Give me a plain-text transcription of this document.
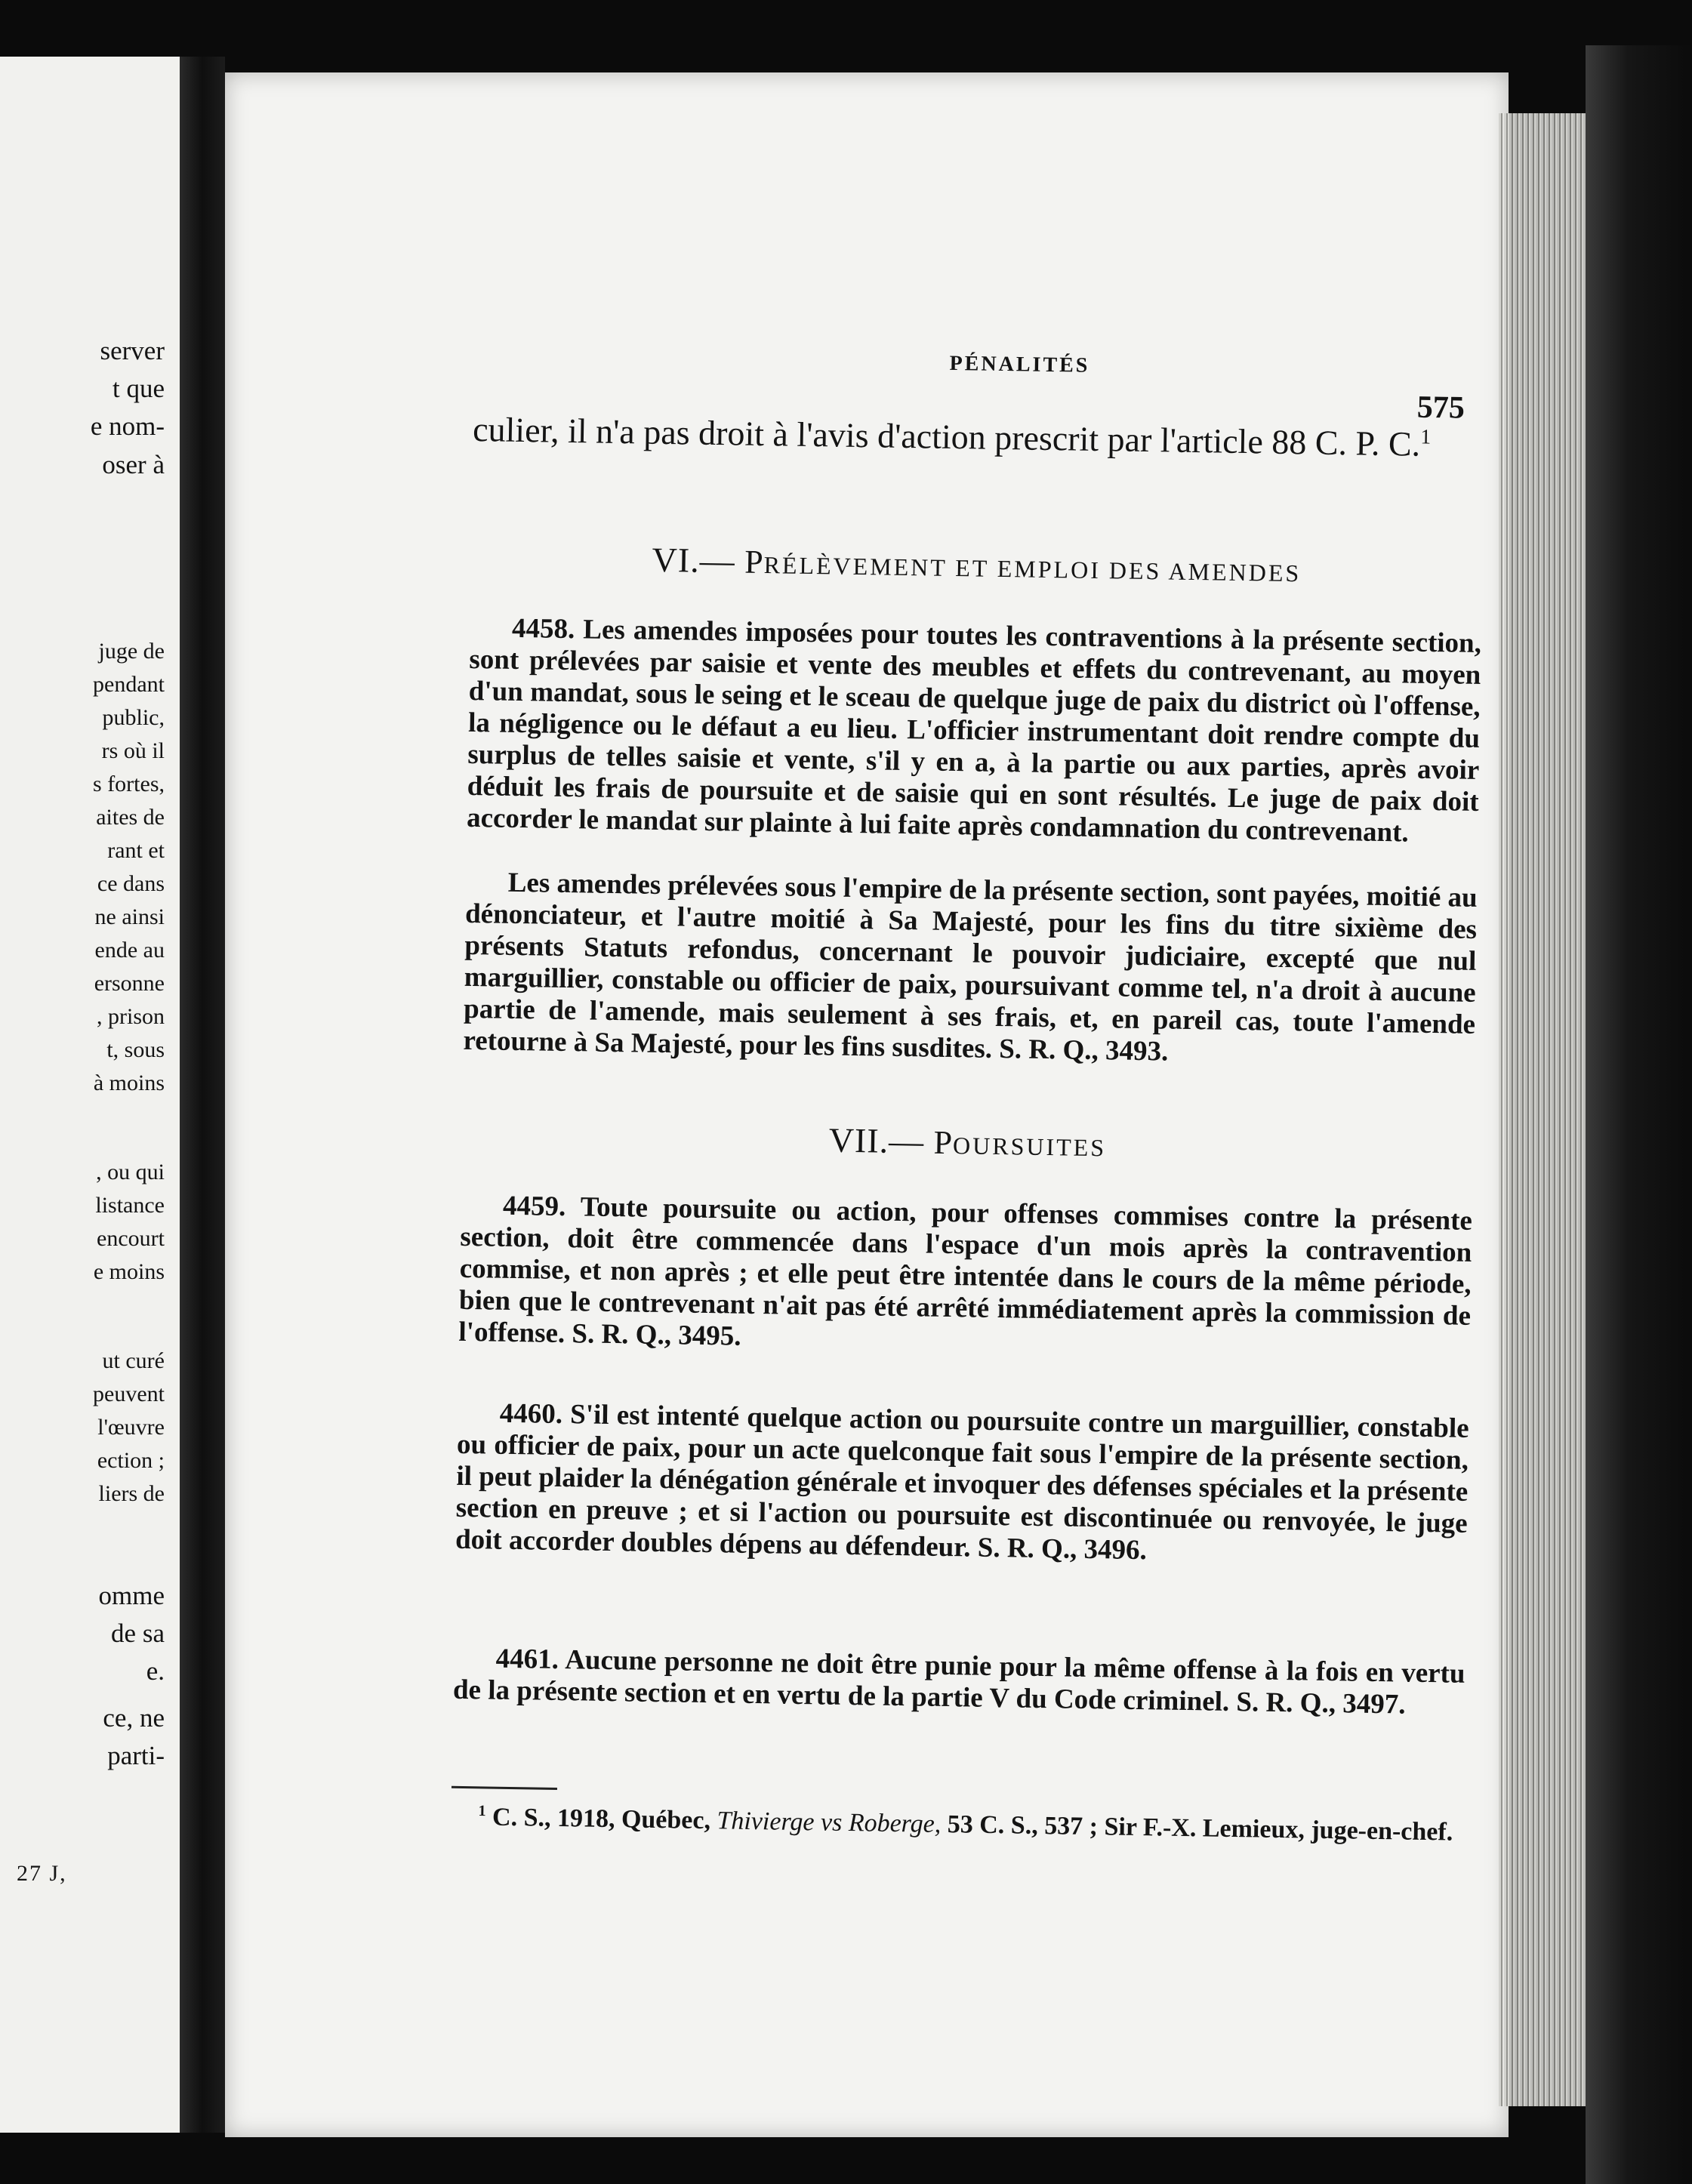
27 J,
server
t que
e nom-
oser à
juge de
pendant
public,
rs où il
s fortes,
aites de
rant et
ce dans
ne ainsi
ende au
ersonne
, prison
t, sous
à moins
, ou qui
listance
encourt
e moins
ut curé
peuvent
l'œuvre
ection ;
liers de
omme
de sa
e.
ce, ne
parti-
PÉNALITÉS
575

culier, il n'a pas droit à l'avis d'action prescrit par l'article 88 C. P. C.$^1$

VI.— PRÉLÈVEMENT ET EMPLOI DES AMENDES

4458. Les amendes imposées pour toutes les contraventions à la présente section, sont prélevées par saisie et vente des meubles et effets du contrevenant, au moyen d'un mandat, sous le seing et le sceau de quelque juge de paix du district où l'offense, la négligence ou le défaut a eu lieu. L'officier instrumentant doit rendre compte du surplus de telles saisie et vente, s'il y en a, à la partie ou aux parties, après avoir déduit les frais de poursuite et de saisie qui en sont résultés. Le juge de paix doit accorder le mandat sur plainte à lui faite après condamnation du contrevenant.

Les amendes prélevées sous l'empire de la présente section, sont payées, moitié au dénonciateur, et l'autre moitié à Sa Majesté, pour les fins du titre sixième des présents Statuts refondus, concernant le pouvoir judiciaire, excepté que nul marguillier, constable ou officier de paix, poursuivant comme tel, n'a droit à aucune partie de l'amende, mais seulement à ses frais, et, en pareil cas, toute l'amende retourne à Sa Majesté, pour les fins susdites. S. R. Q., 3493.

VII.— POURSUITES

4459. Toute poursuite ou action, pour offenses commises contre la présente section, doit être commencée dans l'espace d'un mois après la contravention commise, et non après ; et elle peut être intentée dans le cours de la même période, bien que le contrevenant n'ait pas été arrêté immédiatement après la commission de l'offense. S. R. Q., 3495.

4460. S'il est intenté quelque action ou poursuite contre un marguillier, constable ou officier de paix, pour un acte quelconque fait sous l'empire de la présente section, il peut plaider la dénégation générale et invoquer des défenses spéciales et la présente section en preuve ; et si l'action ou poursuite est discontinuée ou renvoyée, le juge doit accorder doubles dépens au défendeur. S. R. Q., 3496.

4461. Aucune personne ne doit être punie pour la même offense à la fois en vertu de la présente section et en vertu de la partie V du Code criminel. S. R. Q., 3497.

$^1$ C. S., 1918, Québec, Thivierge vs Roberge, 53 C. S., 537 ; Sir F.-X. Lemieux, juge-en-chef.
